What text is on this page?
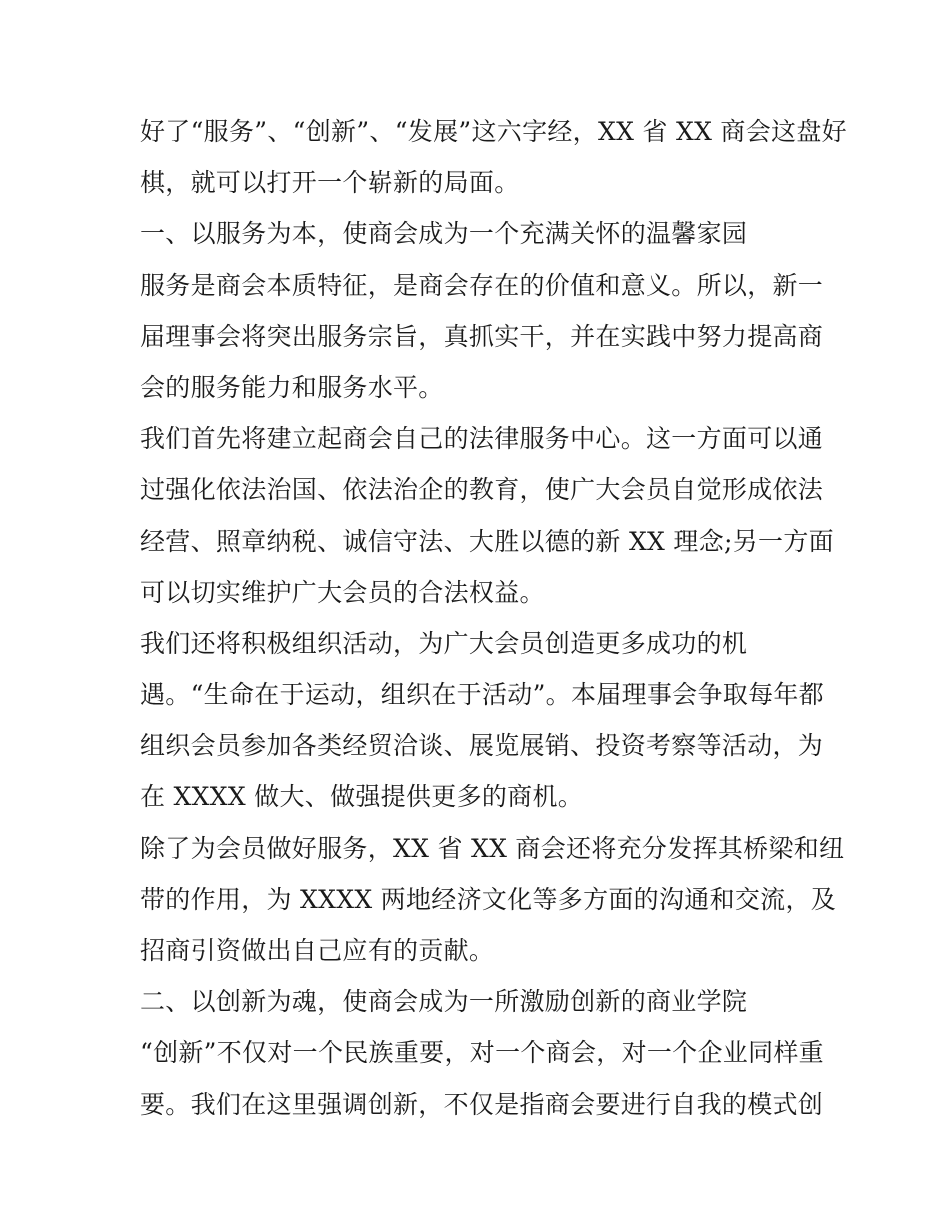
好了“服务”、“创新”、“发展”这六字经，XX 省 XX 商会这盘好
棋，就可以打开一个崭新的局面。
一、以服务为本，使商会成为一个充满关怀的温馨家园
服务是商会本质特征，是商会存在的价值和意义。所以，新一
届理事会将突出服务宗旨，真抓实干，并在实践中努力提高商
会的服务能力和服务水平。
我们首先将建立起商会自己的法律服务中心。这一方面可以通
过强化依法治国、依法治企的教育，使广大会员自觉形成依法
经营、照章纳税、诚信守法、大胜以德的新 XX 理念;另一方面
可以切实维护广大会员的合法权益。
我们还将积极组织活动，为广大会员创造更多成功的机
遇。“生命在于运动，组织在于活动”。本届理事会争取每年都
组织会员参加各类经贸洽谈、展览展销、投资考察等活动，为
在 XXXX 做大、做强提供更多的商机。
除了为会员做好服务，XX 省 XX 商会还将充分发挥其桥梁和纽
带的作用，为 XXXX 两地经济文化等多方面的沟通和交流，及
招商引资做出自己应有的贡献。
二、以创新为魂，使商会成为一所激励创新的商业学院
“创新”不仅对一个民族重要，对一个商会，对一个企业同样重
要。我们在这里强调创新，不仅是指商会要进行自我的模式创
